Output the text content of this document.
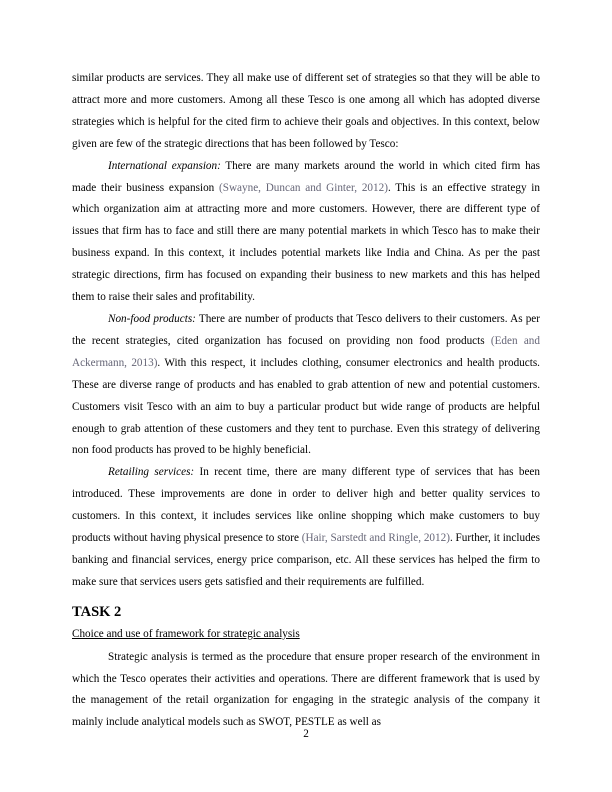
similar products are services. They all make use of different set of strategies so that they will be able to attract more and more customers. Among all these Tesco is one among all which has adopted diverse strategies which is helpful for the cited firm to achieve their goals and objectives. In this context, below given are few of the strategic directions that has been followed by Tesco:

International expansion: There are many markets around the world in which cited firm has made their business expansion (Swayne, Duncan and Ginter, 2012). This is an effective strategy in which organization aim at attracting more and more customers. However, there are different type of issues that firm has to face and still there are many potential markets in which Tesco has to make their business expand. In this context, it includes potential markets like India and China. As per the past strategic directions, firm has focused on expanding their business to new markets and this has helped them to raise their sales and profitability.

Non-food products: There are number of products that Tesco delivers to their customers. As per the recent strategies, cited organization has focused on providing non food products (Eden and Ackermann, 2013). With this respect, it includes clothing, consumer electronics and health products. These are diverse range of products and has enabled to grab attention of new and potential customers. Customers visit Tesco with an aim to buy a particular product but wide range of products are helpful enough to grab attention of these customers and they tent to purchase. Even this strategy of delivering non food products has proved to be highly beneficial.

Retailing services: In recent time, there are many different type of services that has been introduced. These improvements are done in order to deliver high and better quality services to customers. In this context, it includes services like online shopping which make customers to buy products without having physical presence to store (Hair, Sarstedt and Ringle, 2012). Further, it includes banking and financial services, energy price comparison, etc. All these services has helped the firm to make sure that services users gets satisfied and their requirements are fulfilled.

TASK 2

Choice and use of framework for strategic analysis

Strategic analysis is termed as the procedure that ensure proper research of the environment in which the Tesco operates their activities and operations. There are different framework that is used by the management of the retail organization for engaging in the strategic analysis of the company it mainly include analytical models such as SWOT, PESTLE as well as

2
